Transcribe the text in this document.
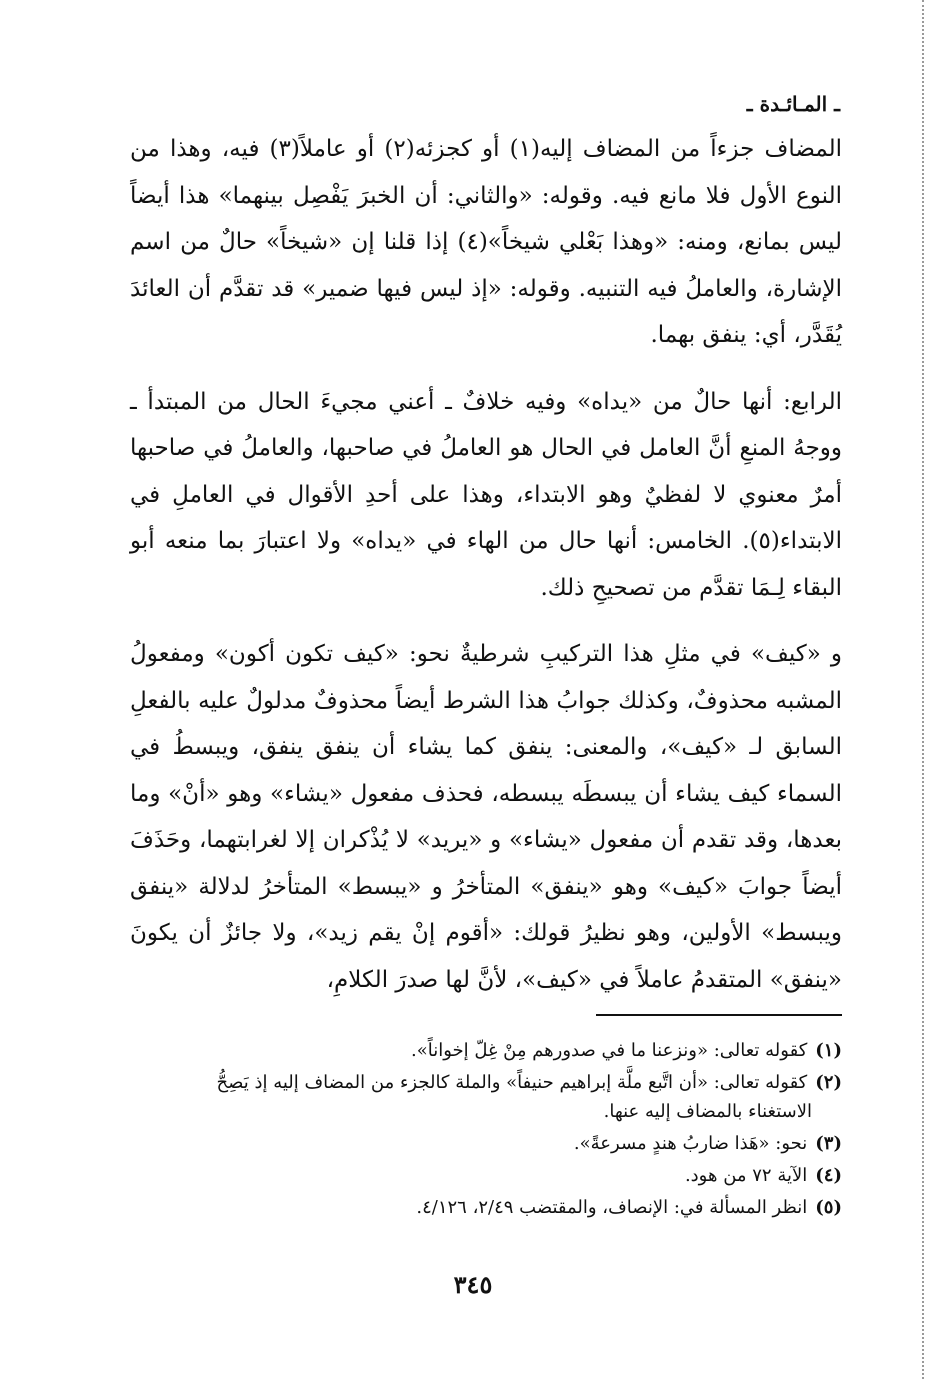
ـ المـائـدة ـ

المضاف جزءاً من المضاف إليه(١) أو كجزئه(٢) أو عاملاً(٣) فيه، وهذا من النوع الأول فلا مانع فيه. وقوله: «والثاني: أن الخبرَ يَفْصِل بينهما» هذا أيضاً ليس بمانع، ومنه: «وهذا بَعْلي شيخاً»(٤) إذا قلنا إن «شيخاً» حالٌ من اسم الإشارة، والعاملُ فيه التنبيه. وقوله: «إذ ليس فيها ضمير» قد تقدَّم أن العائدَ يُقَدَّر، أي: ينفق بهما.

الرابع: أنها حالٌ من «يداه» وفيه خلافٌ ـ أعني مجيءَ الحال من المبتدأ ـ ووجهُ المنعِ أنَّ العامل في الحال هو العاملُ في صاحبها، والعاملُ في صاحبها أمرٌ معنوي لا لفظيٌ وهو الابتداء، وهذا على أحدِ الأقوال في العاملِ في الابتداء(٥). الخامس: أنها حال من الهاء في «يداه» ولا اعتبارَ بما منعه أبو البقاء لِـمَا تقدَّم من تصحيحِ ذلك.

و «كيف» في مثلِ هذا التركيبِ شرطيةٌ نحو: «كيف تكون أكون» ومفعولُ المشبه محذوفٌ، وكذلك جوابُ هذا الشرط أيضاً محذوفٌ مدلولٌ عليه بالفعلِ السابق لـ «كيف»، والمعنى: ينفق كما يشاء أن ينفق ينفق، ويبسطُ في السماء كيف يشاء أن يبسطَه يبسطه، فحذف مفعول «يشاء» وهو «أنْ» وما بعدها، وقد تقدم أن مفعول «يشاء» و «يريد» لا يُذْكران إلا لغرابتهما، وحَذَفَ أيضاً جوابَ «كيف» وهو «ينفق» المتأخرُ و «يبسط» المتأخرُ لدلالة «ينفق ويبسط» الأولين، وهو نظيرُ قولك: «أقوم إنْ يقم زيد»، ولا جائزٌ أن يكونَ «ينفق» المتقدمُ عاملاً في «كيف»، لأنَّ لها صدرَ الكلامِ،

(١)كقوله تعالى: «ونزعنا ما في صدورهم مِنْ غِلّ إخواناً».

(٢)كقوله تعالى: «أن اتَّبع ملَّة إبراهيم حنيفاً» والملة كالجزء من المضاف إليه إذ يَصِحُّ
الاستغناء بالمضاف إليه عنها.

(٣)نحو: «هَذا ضاربُ هندٍ مسرعةً».

(٤)الآية ٧٢ من هود.

(٥)انظر المسألة في: الإنصاف، والمقتضب ٢/٤٩، ٤/١٢٦.

٣٤٥
